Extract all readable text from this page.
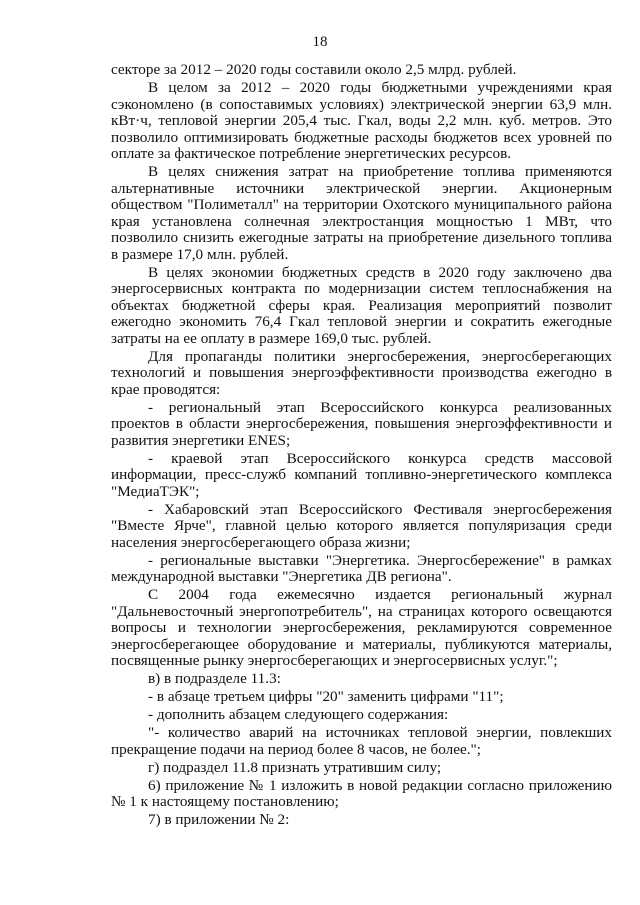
18

секторе за 2012 – 2020 годы составили около 2,5 млрд. рублей.

В целом за 2012 – 2020 годы бюджетными учреждениями края сэкономлено (в сопоставимых условиях) электрической энергии 63,9 млн. кВт·ч, тепловой энергии 205,4 тыс. Гкал, воды 2,2 млн. куб. метров. Это позволило оптимизировать бюджетные расходы бюджетов всех уровней по оплате за фактическое потребление энергетических ресурсов.

В целях снижения затрат на приобретение топлива применяются альтернативные источники электрической энергии. Акционерным обществом "Полиметалл" на территории Охотского муниципального района края установлена солнечная электростанция мощностью 1 МВт, что позволило снизить ежегодные затраты на приобретение дизельного топлива в размере 17,0 млн. рублей.

В целях экономии бюджетных средств в 2020 году заключено два энергосервисных контракта по модернизации систем теплоснабжения на объектах бюджетной сферы края. Реализация мероприятий позволит ежегодно экономить 76,4 Гкал тепловой энергии и сократить ежегодные затраты на ее оплату в размере 169,0 тыс. рублей.

Для пропаганды политики энергосбережения, энергосберегающих технологий и повышения энергоэффективности производства ежегодно в крае проводятся:

- региональный этап Всероссийского конкурса реализованных проектов в области энергосбережения, повышения энергоэффективности и развития энергетики ENES;

- краевой этап Всероссийского конкурса средств массовой информации, пресс-служб компаний топливно-энергетического комплекса "МедиаТЭК";

- Хабаровский этап Всероссийского Фестиваля энергосбережения "Вместе Ярче", главной целью которого является популяризация среди населения энергосберегающего образа жизни;

- региональные выставки "Энергетика. Энергосбережение" в рамках международной выставки "Энергетика ДВ региона".

С 2004 года ежемесячно издается региональный журнал "Дальневосточный энергопотребитель", на страницах которого освещаются вопросы и технологии энергосбережения, рекламируются современное энергосберегающее оборудование и материалы, публикуются материалы, посвященные рынку энергосберегающих и энергосервисных услуг.";

в) в подразделе 11.3:

- в абзаце третьем цифры "20" заменить цифрами "11";

- дополнить абзацем следующего содержания:

"- количество аварий на источниках тепловой энергии, повлекших прекращение подачи на период более 8 часов, не более.";

г) подраздел 11.8 признать утратившим силу;

6) приложение № 1 изложить в новой редакции согласно приложению № 1 к настоящему постановлению;

7) в приложении № 2:
